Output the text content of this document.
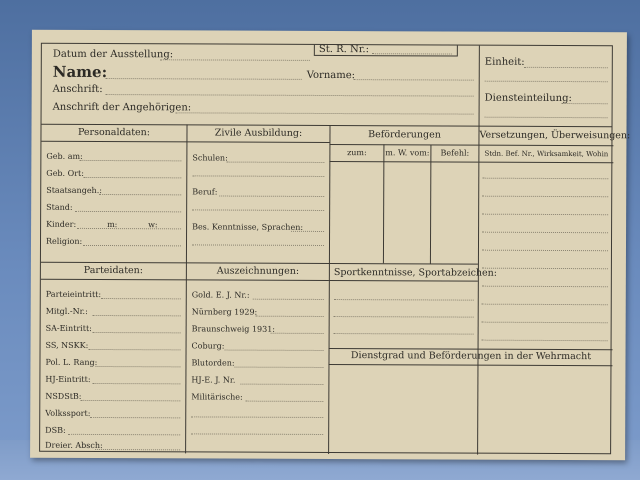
St. R. Nr.:
Datum der Ausstellung:
Name:	Vorname:
Anschrift:
Anschrift der Angehörigen:
Einheit:
Diensteinteilung:
Personaldaten:
Geb. am:
Geb. Ort:
Staatsangeh.:
Stand:
Kinder:	m:	w:
Religion:
Zivile Ausbildung:
Schulen:
Beruf:
Bes. Kenntnisse, Sprachen:
Beförderungen
zum:	m. W. vom:	Befehl:
Versetzungen, Überweisungen:
Stdn. Bef. Nr., Wirksamkeit, Wohin
Parteidaten:
Parteieintritt:
Mitgl.-Nr.:
SA-Eintritt:
SS, NSKK:
Pol. L. Rang:
HJ-Eintritt:
NSDStB:
Volkssport:
DSB:
Dreier. Absch:
Auszeichnungen:
Gold. E. J. Nr.:
Nürnberg 1929:
Braunschweig 1931:
Coburg:
Blutorden:
HJ-E. J. Nr.
Militärische:
Sportkenntnisse, Sportabzeichen:
Dienstgrad und Beförderungen in der Wehrmacht
